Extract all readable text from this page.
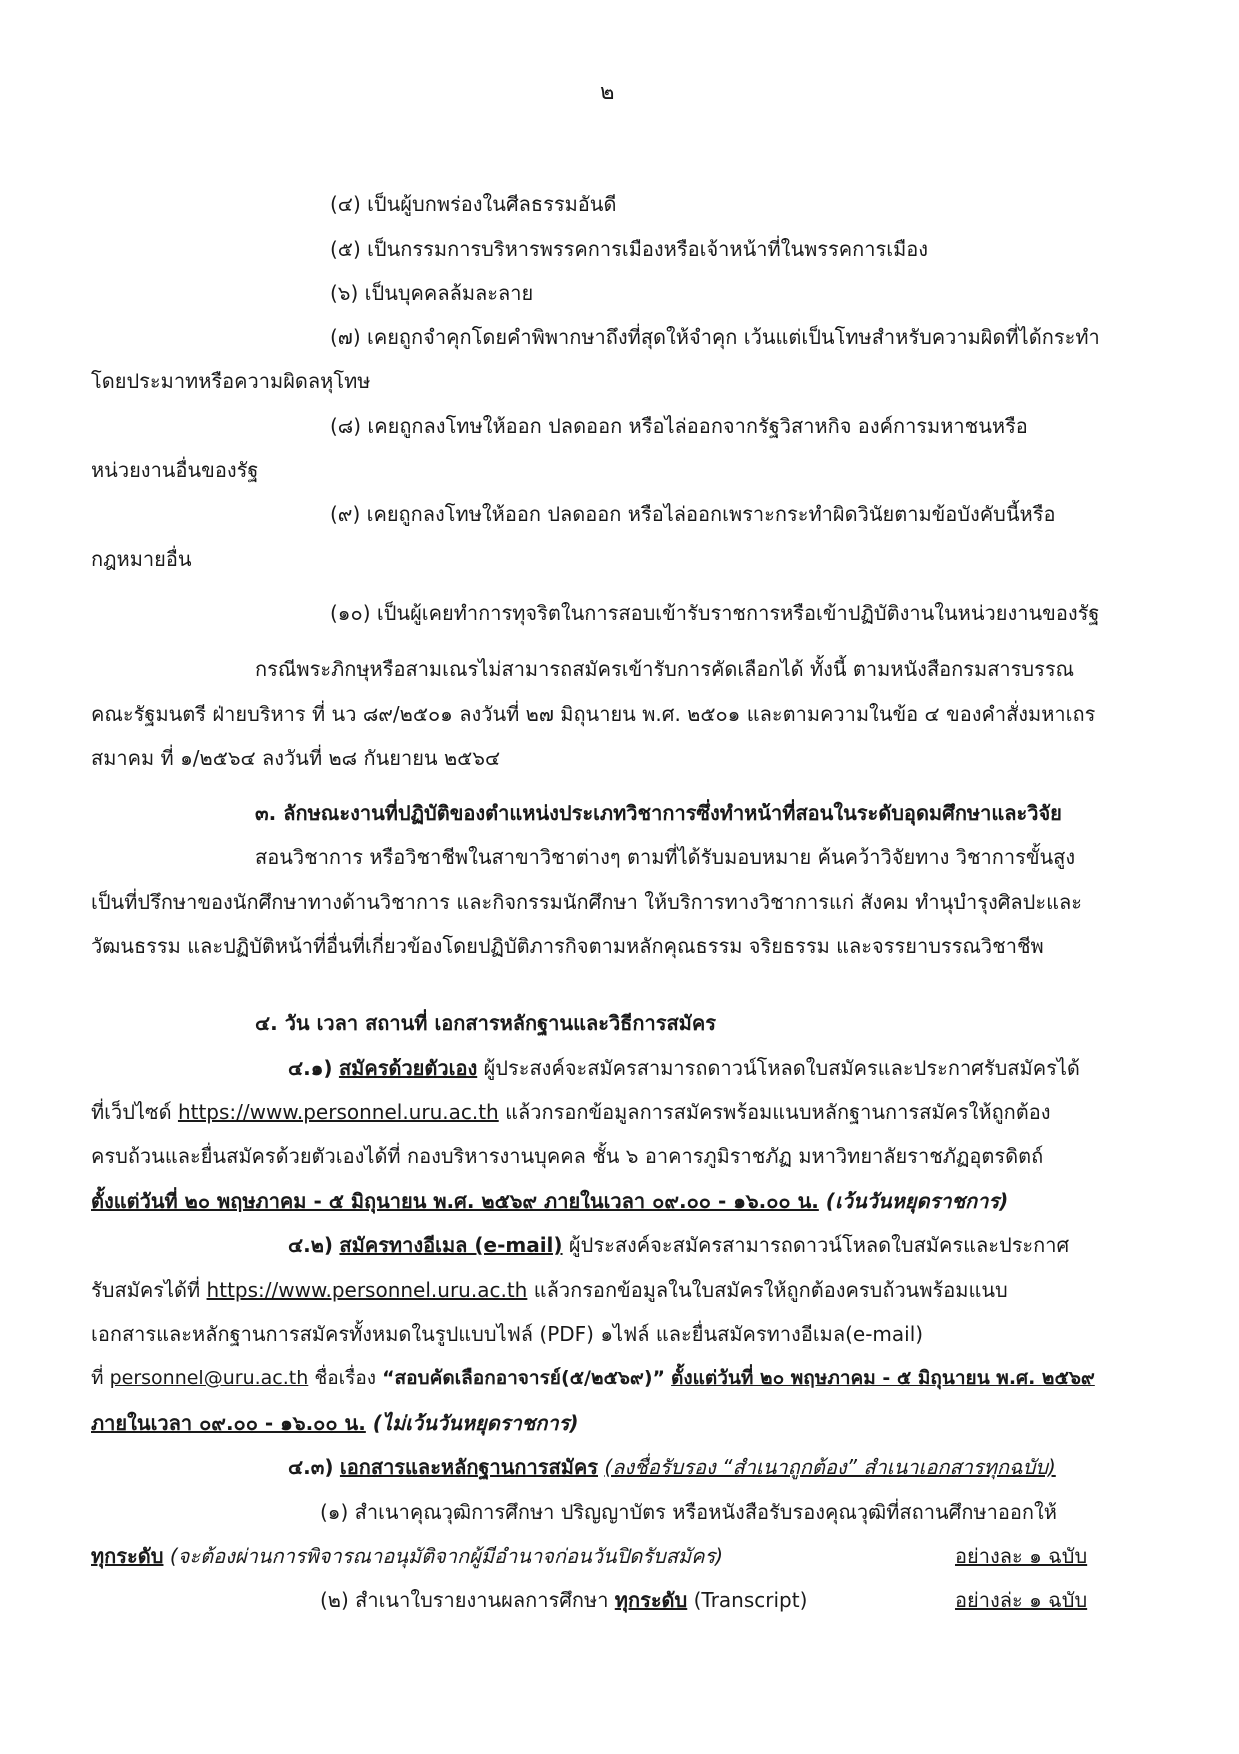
๒
(๔) เป็นผู้บกพร่องในศีลธรรมอันดี
(๕) เป็นกรรมการบริหารพรรคการเมืองหรือเจ้าหน้าที่ในพรรคการเมือง
(๖) เป็นบุคคลล้มละลาย
(๗) เคยถูกจำคุกโดยคำพิพากษาถึงที่สุดให้จำคุก เว้นแต่เป็นโทษสำหรับความผิดที่ได้กระทำ
โดยประมาทหรือความผิดลหุโทษ
(๘) เคยถูกลงโทษให้ออก ปลดออก หรือไล่ออกจากรัฐวิสาหกิจ องค์การมหาชนหรือ
หน่วยงานอื่นของรัฐ
(๙) เคยถูกลงโทษให้ออก ปลดออก หรือไล่ออกเพราะกระทำผิดวินัยตามข้อบังคับนี้หรือ
กฎหมายอื่น
(๑๐) เป็นผู้เคยทำการทุจริตในการสอบเข้ารับราชการหรือเข้าปฏิบัติงานในหน่วยงานของรัฐ
กรณีพระภิกษุหรือสามเณรไม่สามารถสมัครเข้ารับการคัดเลือกได้ ทั้งนี้ ตามหนังสือกรมสารบรรณ
คณะรัฐมนตรี ฝ่ายบริหาร ที่ นว ๘๙/๒๕๐๑ ลงวันที่ ๒๗ มิถุนายน พ.ศ. ๒๕๐๑ และตามความในข้อ ๔ ของคำสั่งมหาเถร
สมาคม ที่ ๑/๒๕๖๔ ลงวันที่ ๒๘ กันยายน ๒๕๖๔
๓. ลักษณะงานที่ปฏิบัติของตำแหน่งประเภทวิชาการซึ่งทำหน้าที่สอนในระดับอุดมศึกษาและวิจัย
สอนวิชาการ หรือวิชาชีพในสาขาวิชาต่างๆ ตามที่ได้รับมอบหมาย ค้นคว้าวิจัยทาง วิชาการขั้นสูง
เป็นที่ปรึกษาของนักศึกษาทางด้านวิชาการ และกิจกรรมนักศึกษา ให้บริการทางวิชาการแก่ สังคม ทำนุบำรุงศิลปะและ
วัฒนธรรม และปฏิบัติหน้าที่อื่นที่เกี่ยวข้องโดยปฏิบัติภารกิจตามหลักคุณธรรม จริยธรรม และจรรยาบรรณวิชาชีพ
๔. วัน เวลา สถานที่ เอกสารหลักฐานและวิธีการสมัคร
๔.๑) สมัครด้วยตัวเอง ผู้ประสงค์จะสมัครสามารถดาวน์โหลดใบสมัครและประกาศรับสมัครได้
ที่เว็ปไซด์ https://www.personnel.uru.ac.th แล้วกรอกข้อมูลการสมัครพร้อมแนบหลักฐานการสมัครให้ถูกต้อง
ครบถ้วนและยื่นสมัครด้วยตัวเองได้ที่ กองบริหารงานบุคคล ชั้น ๖ อาคารภูมิราชภัฏ มหาวิทยาลัยราชภัฏอุตรดิตถ์
ตั้งแต่วันที่ ๒๐ พฤษภาคม - ๕ มิถุนายน พ.ศ. ๒๕๖๙ ภายในเวลา ๐๙.๐๐ - ๑๖.๐๐ น. (เว้นวันหยุดราชการ)
๔.๒) สมัครทางอีเมล (e-mail) ผู้ประสงค์จะสมัครสามารถดาวน์โหลดใบสมัครและประกาศ
รับสมัครได้ที่ https://www.personnel.uru.ac.th แล้วกรอกข้อมูลในใบสมัครให้ถูกต้องครบถ้วนพร้อมแนบ
เอกสารและหลักฐานการสมัครทั้งหมดในรูปแบบไฟล์ (PDF) ๑ไฟล์ และยื่นสมัครทางอีเมล(e-mail)
ที่ personnel@uru.ac.th ชื่อเรื่อง “สอบคัดเลือกอาจารย์(๕/๒๕๖๙)” ตั้งแต่วันที่ ๒๐ พฤษภาคม - ๕ มิถุนายน พ.ศ. ๒๕๖๙
ภายในเวลา ๐๙.๐๐ - ๑๖.๐๐ น. (ไม่เว้นวันหยุดราชการ)
๔.๓) เอกสารและหลักฐานการสมัคร (ลงชื่อรับรอง “สำเนาถูกต้อง” สำเนาเอกสารทุกฉบับ)
(๑) สำเนาคุณวุฒิการศึกษา ปริญญาบัตร หรือหนังสือรับรองคุณวุฒิที่สถานศึกษาออกให้
ทุกระดับ (จะต้องผ่านการพิจารณาอนุมัติจากผู้มีอำนาจก่อนวันปิดรับสมัคร)	อย่างละ ๑ ฉบับ
(๒) สำเนาใบรายงานผลการศึกษา ทุกระดับ (Transcript)	อย่างล่ะ ๑ ฉบับ
